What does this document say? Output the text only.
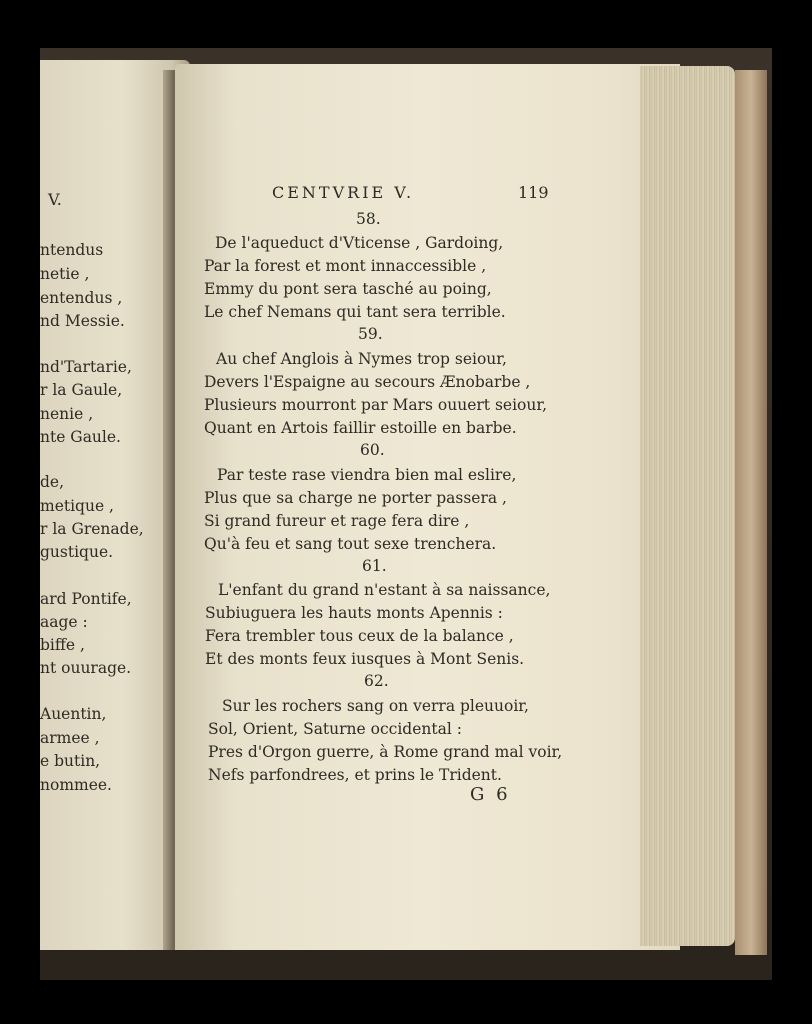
V.
ntendus
netie ,
entendus ,
nd Messie.
nd'Tartarie,
r la Gaule,
nenie ,
nte Gaule.
de,
metique ,
r la Grenade,
gustique.
ard Pontife,
aage :
biffe ,
nt ouurage.
Auentin,
armee ,
e butin,
nommee.
CENTVRIE V.	119
58.
De l'aqueduct d'Vticense , Gardoing,
Par la forest et mont innaccessible ,
Emmy du pont sera tasché au poing,
Le chef Nemans qui tant sera terrible.
59.
Au chef Anglois à Nymes trop seiour,
Devers l'Espaigne au secours Ænobarbe ,
Plusieurs mourront par Mars ouuert seiour,
Quant en Artois faillir estoille en barbe.
60.
Par teste rase viendra bien mal eslire,
Plus que sa charge ne porter passera ,
Si grand fureur et rage fera dire ,
Qu'à feu et sang tout sexe trenchera.
61.
L'enfant du grand n'estant à sa naissance,
Subiuguera les hauts monts Apennis :
Fera trembler tous ceux de la balance ,
Et des monts feux iusques à Mont Senis.
62.
Sur les rochers sang on verra pleuuoir,
Sol, Orient, Saturne occidental :
Pres d'Orgon guerre, à Rome grand mal voir,
Nefs parfondrees, et prins le Trident.
G 6
